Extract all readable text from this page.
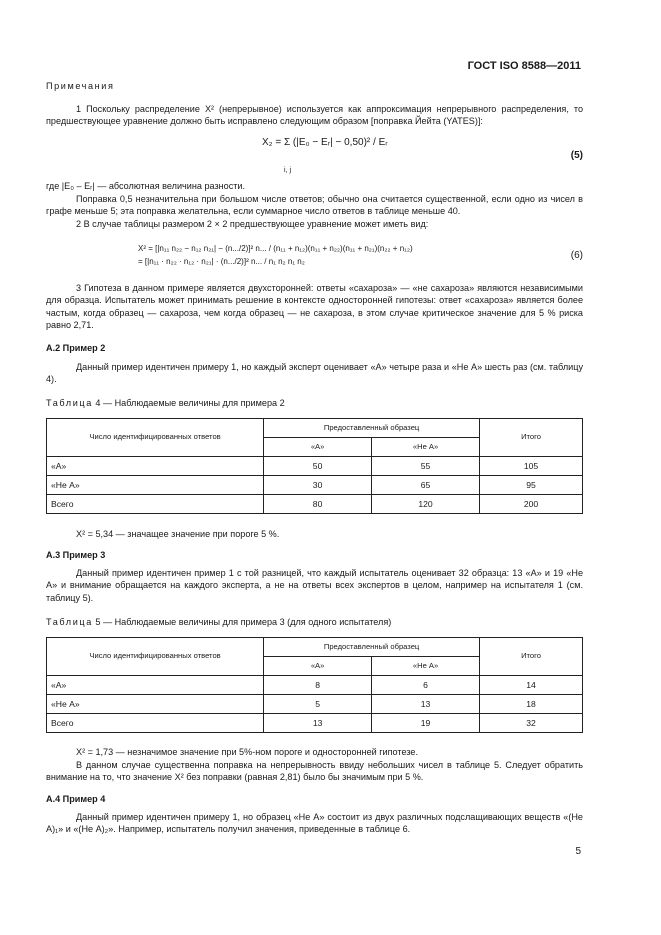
ГОСТ ISO 8588—2011
Примечания
1 Поскольку распределение X² (непрерывное) используется как аппроксимация непрерывного распределения, то предшествующее уравнение должно быть исправлено следующим образом [поправка Йейта (YATES)]:
X₂ = Σ (|E₀ − Eᵣ| − 0,50)² / Eᵣ
i, j
(5)
где |E₀ – Eᵣ| — абсолютная величина разности.
Поправка 0,5 незначительна при большом числе ответов; обычно она считается существенной, если одно из чисел в графе меньше 5; эта поправка желательна, если суммарное число ответов в таблице меньше 40.
2 В случае таблицы размером 2 × 2 предшествующее уравнение может иметь вид:
X² = [|n₁₁ n₂₂ − n₁₂ n₂₁| − (n.../2)]² n... / (n₁₁ + n₁₂)(n₁₁ + n₂₂)(n₁₁ + n₂₁)(n₂₂ + n₁₂)
= [|n₁₁ · n₂₂ · n₁₂ · n₂₁| · (n.../2)]² n... / n₁ n₂ n₁ n₂
(6)
3 Гипотеза в данном примере является двухсторонней: ответы «сахароза» — «не сахароза» являются независимыми для образца. Испытатель может принимать решение в контексте односторонней гипотезы: ответ «сахароза» является более частым, когда образец — сахароза, чем когда образец — не сахароза, в этом случае критическое значение для 5 % риска равно 2,71.
А.2 Пример 2
Данный пример идентичен примеру 1, но каждый эксперт оценивает «А» четыре раза и «Не А» шесть раз (см. таблицу 4).
Таблица 4 — Наблюдаемые величины для примера 2
Число идентифицированных ответов	Предоставленный образец		Итого
	«А»	«Не А»	
«А»	50	55	105
«Не А»	30	65	95
Всего	80	120	200
X² = 5,34 — значащее значение при пороге 5 %.
А.3 Пример 3
Данный пример идентичен пример 1 с той разницей, что каждый испытатель оценивает 32 образца: 13 «А» и 19 «Не А» и внимание обращается на каждого эксперта, а не на ответы всех экспертов в целом, например на испытателя 1 (см. таблицу 5).
Таблица 5 — Наблюдаемые величины для примера 3 (для одного испытателя)
Число идентифицированных ответов	Предоставленный образец		Итого
	«А»	«Не А»	
«А»	8	6	14
«Не А»	5	13	18
Всего	13	19	32
X² = 1,73 — незначимое значение при 5%-ном пороге и односторонней гипотезе.
В данном случае существенна поправка на непрерывность ввиду небольших чисел в таблице 5. Следует обратить внимание на то, что значение X² без поправки (равная 2,81) было бы значимым при 5 %.
А.4 Пример 4
Данный пример идентичен примеру 1, но образец «Не А» состоит из двух различных подслащивающих веществ «(Не А)₁» и «(Не А)₂». Например, испытатель получил значения, приведенные в таблице 6.
5
